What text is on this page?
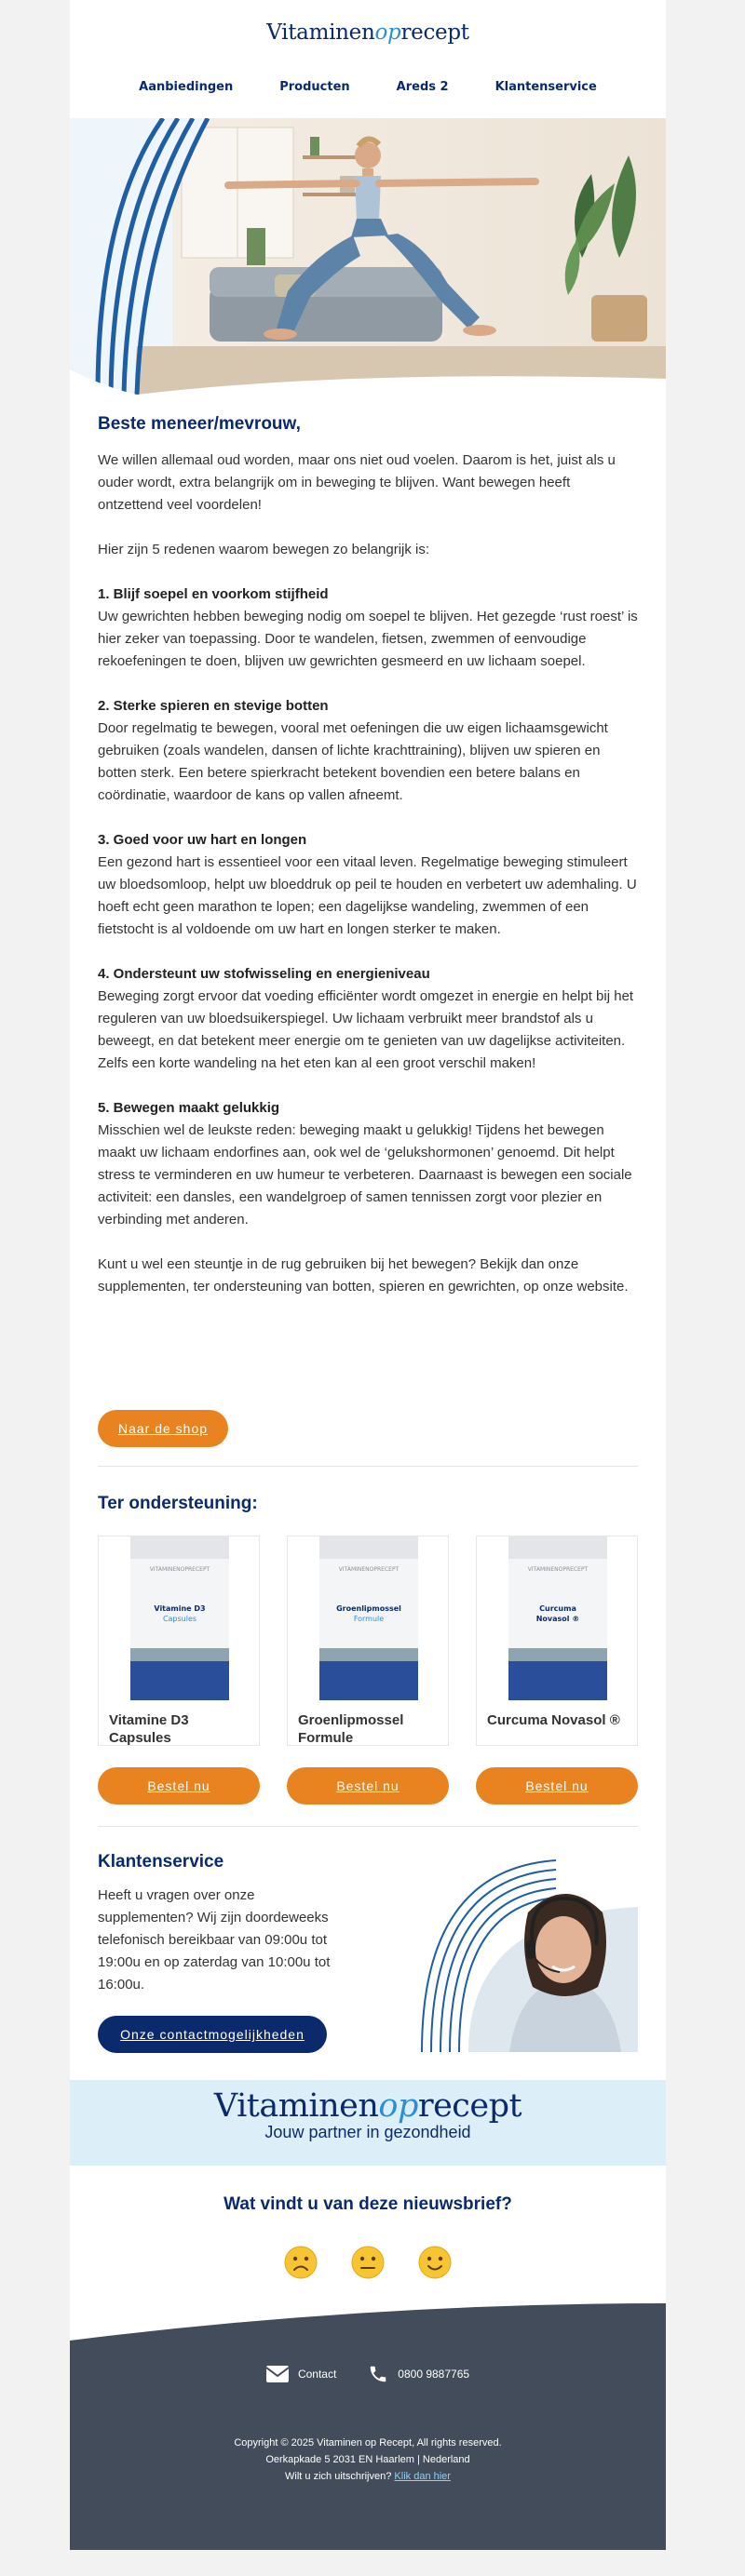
Vitaminenoprecept
Aanbiedingen	Producten	Areds 2	Klantenservice
Beste meneer/mevrouw,

We willen allemaal oud worden, maar ons niet oud voelen. Daarom is het, juist als u ouder wordt, extra belangrijk om in beweging te blijven. Want bewegen heeft ontzettend veel voordelen!

Hier zijn 5 redenen waarom bewegen zo belangrijk is:

1. Blijf soepel en voorkom stijfheid
Uw gewrichten hebben beweging nodig om soepel te blijven. Het gezegde ‘rust roest’ is hier zeker van toepassing. Door te wandelen, fietsen, zwemmen of eenvoudige rekoefeningen te doen, blijven uw gewrichten gesmeerd en uw lichaam soepel.

2. Sterke spieren en stevige botten
Door regelmatig te bewegen, vooral met oefeningen die uw eigen lichaamsgewicht gebruiken (zoals wandelen, dansen of lichte krachttraining), blijven uw spieren en botten sterk. Een betere spierkracht betekent bovendien een betere balans en coördinatie, waardoor de kans op vallen afneemt.

3. Goed voor uw hart en longen
Een gezond hart is essentieel voor een vitaal leven. Regelmatige beweging stimuleert uw bloedsomloop, helpt uw bloeddruk op peil te houden en verbetert uw ademhaling. U hoeft echt geen marathon te lopen; een dagelijkse wandeling, zwemmen of een fietstocht is al voldoende om uw hart en longen sterker te maken.

4. Ondersteunt uw stofwisseling en energieniveau
Beweging zorgt ervoor dat voeding efficiënter wordt omgezet in energie en helpt bij het reguleren van uw bloedsuikerspiegel. Uw lichaam verbruikt meer brandstof als u beweegt, en dat betekent meer energie om te genieten van uw dagelijkse activiteiten. Zelfs een korte wandeling na het eten kan al een groot verschil maken!

5. Bewegen maakt gelukkig
Misschien wel de leukste reden: beweging maakt u gelukkig! Tijdens het bewegen maakt uw lichaam endorfines aan, ook wel de ‘gelukshormonen’ genoemd. Dit helpt stress te verminderen en uw humeur te verbeteren. Daarnaast is bewegen een sociale activiteit: een dansles, een wandelgroep of samen tennissen zorgt voor plezier en verbinding met anderen.

Kunt u wel een steuntje in de rug gebruiken bij het bewegen? Bekijk dan onze supplementen, ter ondersteuning van botten, spieren en gewrichten, op onze website.

Naar de shop
Ter ondersteuning:
VITAMINENOPRECEPT
Vitamine D3
Capsules
Vitamine D3 Capsules
VITAMINENOPRECEPT
Groenlipmossel
Formule
Groenlipmossel Formule
VITAMINENOPRECEPT
Curcuma
Novasol ®
Curcuma Novasol ®
Bestel nu	Bestel nu	Bestel nu
Klantenservice

Heeft u vragen over onze supplementen? Wij zijn doordeweeks telefonisch bereikbaar van 09:00u tot 19:00u en op zaterdag van 10:00u tot 16:00u.

Onze contactmogelijkheden
Vitaminenoprecept
Jouw partner in gezondheid
Wat vindt u van deze nieuwsbrief?
Contact	0800 9887765
Copyright © 2025 Vitaminen op Recept, All rights reserved.
Oerkapkade 5 2031 EN Haarlem | Nederland
Wilt u zich uitschrijven? Klik dan hier
